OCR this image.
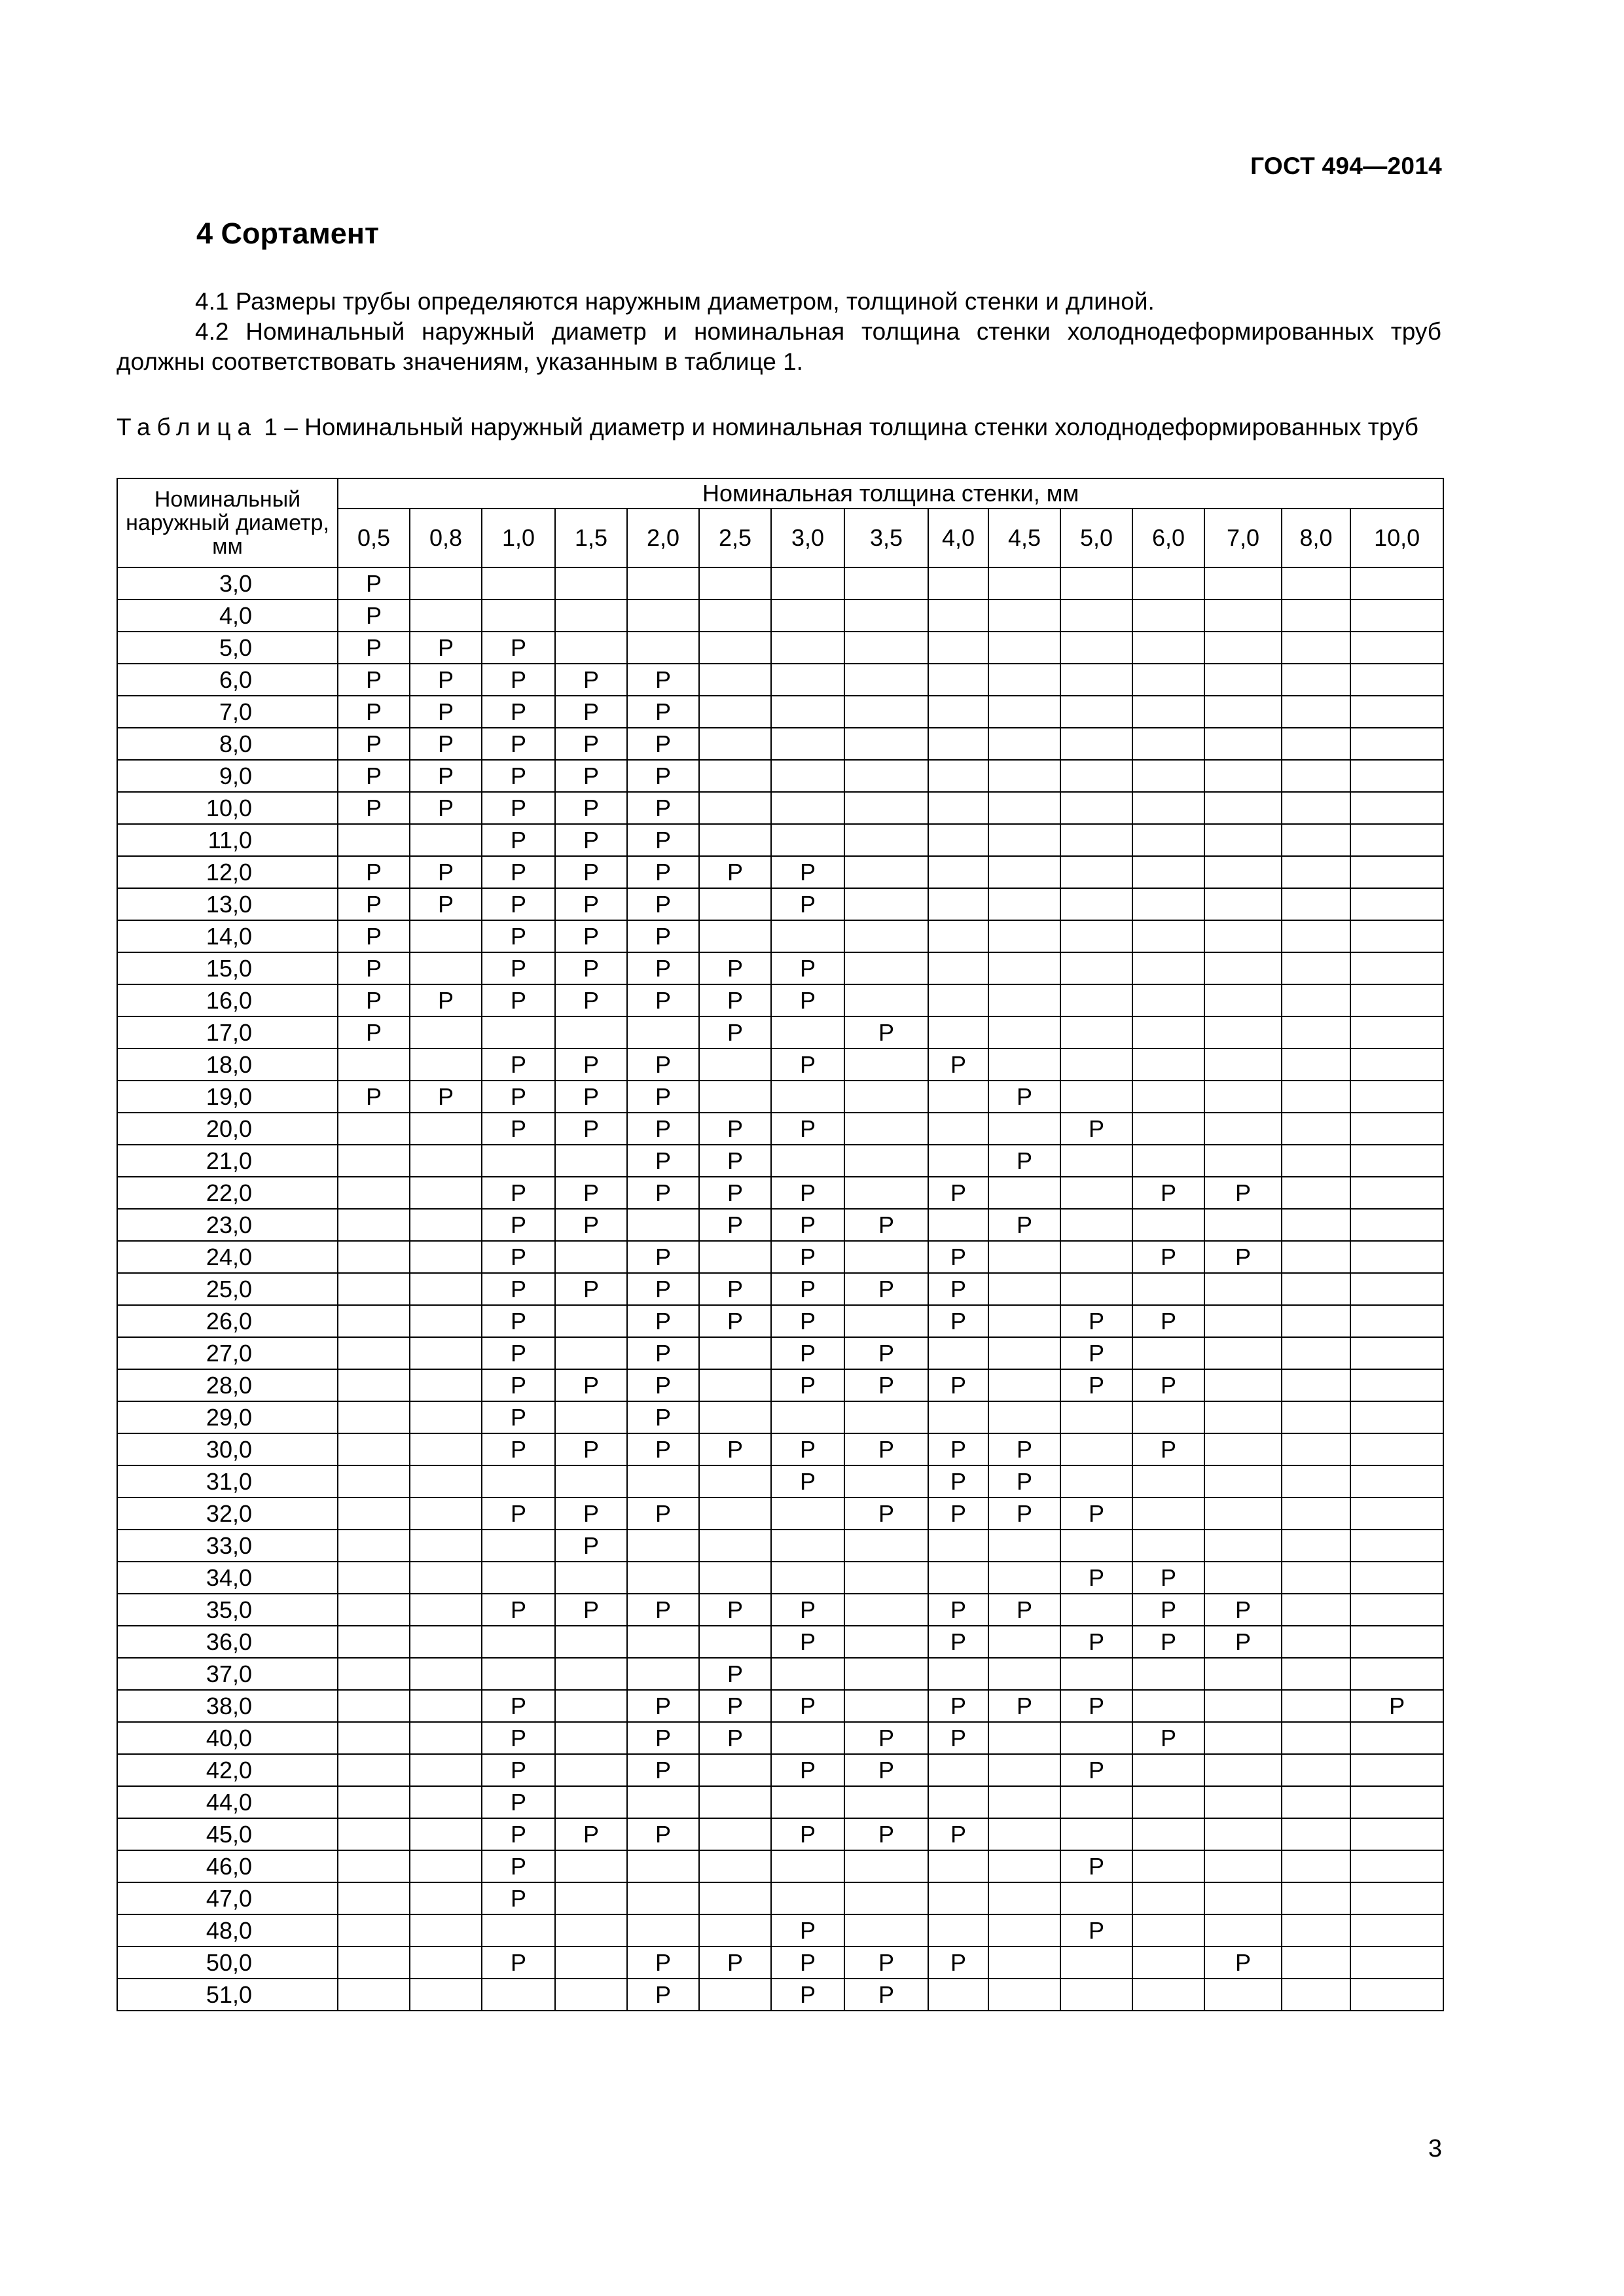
ГОСТ 494—2014
4 Сортамент

4.1 Размеры трубы определяются наружным диаметром, толщиной стенки и длиной.

4.2 Номинальный наружный диаметр и номинальная толщина стенки холоднодеформированных труб должны соответствовать значениям, указанным в таблице 1.

Таблица 1 – Номинальный наружный диаметр и номинальная толщина стенки холоднодеформированных труб

Номинальный наружный диаметр, мм	Номинальная толщина стенки, мм														
	0,5	0,8	1,0	1,5	2,0	2,5	3,0	3,5	4,0	4,5	5,0	6,0	7,0	8,0	10,0
3,0	Р														
4,0	Р														
5,0	Р	Р	Р												
6,0	Р	Р	Р	Р	Р										
7,0	Р	Р	Р	Р	Р										
8,0	Р	Р	Р	Р	Р										
9,0	Р	Р	Р	Р	Р										
10,0	Р	Р	Р	Р	Р										
11,0			Р	Р	Р										
12,0	Р	Р	Р	Р	Р	Р	Р								
13,0	Р	Р	Р	Р	Р		Р								
14,0	Р		Р	Р	Р										
15,0	Р		Р	Р	Р	Р	Р								
16,0	Р	Р	Р	Р	Р	Р	Р								
17,0	Р					Р		Р							
18,0			Р	Р	Р		Р		Р						
19,0	Р	Р	Р	Р	Р					Р					
20,0			Р	Р	Р	Р	Р				Р				
21,0					Р	Р				Р					
22,0			Р	Р	Р	Р	Р		Р			Р	Р		
23,0			Р	Р		Р	Р	Р		Р					
24,0			Р		Р		Р		Р			Р	Р		
25,0			Р	Р	Р	Р	Р	Р	Р						
26,0			Р		Р	Р	Р		Р		Р	Р			
27,0			Р		Р		Р	Р			Р				
28,0			Р	Р	Р		Р	Р	Р		Р	Р			
29,0			Р		Р										
30,0			Р	Р	Р	Р	Р	Р	Р	Р		Р			
31,0							Р		Р	Р					
32,0			Р	Р	Р			Р	Р	Р	Р				
33,0				Р											
34,0											Р	Р			
35,0			Р	Р	Р	Р	Р		Р	Р		Р	Р		
36,0							Р		Р		Р	Р	Р		
37,0						Р									
38,0			Р		Р	Р	Р		Р	Р	Р				Р
40,0			Р		Р	Р		Р	Р			Р			
42,0			Р		Р		Р	Р			Р				
44,0			Р												
45,0			Р	Р	Р		Р	Р	Р						
46,0			Р								Р				
47,0			Р												
48,0							Р				Р				
50,0			Р		Р	Р	Р	Р	Р				Р		
51,0					Р		Р	Р							
3
